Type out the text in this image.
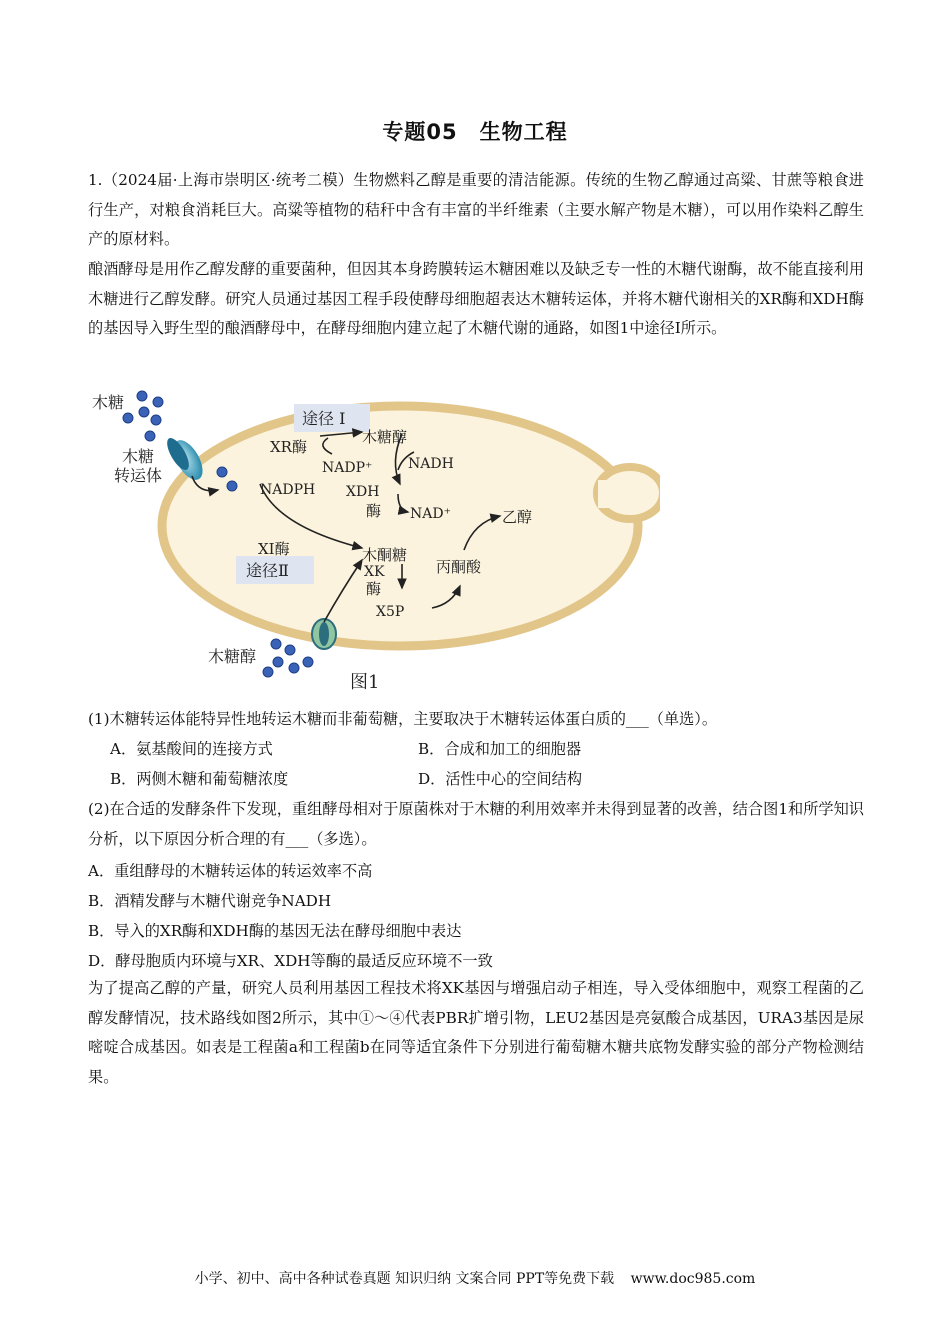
专题05　生物工程

1.（2024届·上海市崇明区·统考二模）生物燃料乙醇是重要的清洁能源。传统的生物乙醇通过高粱、甘蔗等粮食进行生产，对粮食消耗巨大。高粱等植物的秸秆中含有丰富的半纤维素（主要水解产物是木糖），可以用作染料乙醇生产的原材料。

酿酒酵母是用作乙醇发酵的重要菌种，但因其本身跨膜转运木糖困难以及缺乏专一性的木糖代谢酶，故不能直接利用木糖进行乙醇发酵。研究人员通过基因工程手段使酵母细胞超表达木糖转运体，并将木糖代谢相关的XR酶和XDH酶的基因导入野生型的酿酒酵母中，在酵母细胞内建立起了木糖代谢的通路，如图1中途径I所示。

木糖
木糖
转运体
途径 I
XR酶
木糖醇
NADP⁺	NADH
NADPH XDH
酶 NAD⁺	乙醇
XI酶	木酮糖
途径Ⅱ	XK
酶
丙酮酸
X5P
木糖醇
图1
(1)木糖转运体能特异性地转运木糖而非葡萄糖，主要取决于木糖转运体蛋白质的___（单选）。
A．氨基酸间的连接方式	B．合成和加工的细胞器
B．两侧木糖和葡萄糖浓度	D．活性中心的空间结构

(2)在合适的发酵条件下发现，重组酵母相对于原菌株对于木糖的利用效率并未得到显著的改善，结合图1和所学知识分析，以下原因分析合理的有___（多选）。

A．重组酵母的木糖转运体的转运效率不高
B．酒精发酵与木糖代谢竞争NADH
B．导入的XR酶和XDH酶的基因无法在酵母细胞中表达
D．酵母胞质内环境与XR、XDH等酶的最适反应环境不一致

为了提高乙醇的产量，研究人员利用基因工程技术将XK基因与增强启动子相连，导入受体细胞中，观察工程菌的乙醇发酵情况，技术路线如图2所示，其中①～④代表PBR扩增引物，LEU2基因是亮氨酸合成基因，URA3基因是尿嘧啶合成基因。如表是工程菌a和工程菌b在同等适宜条件下分别进行葡萄糖木糖共底物发酵实验的部分产物检测结果。

小学、初中、高中各种试卷真题 知识归纳 文案合同 PPT等免费下载 www.doc985.com
